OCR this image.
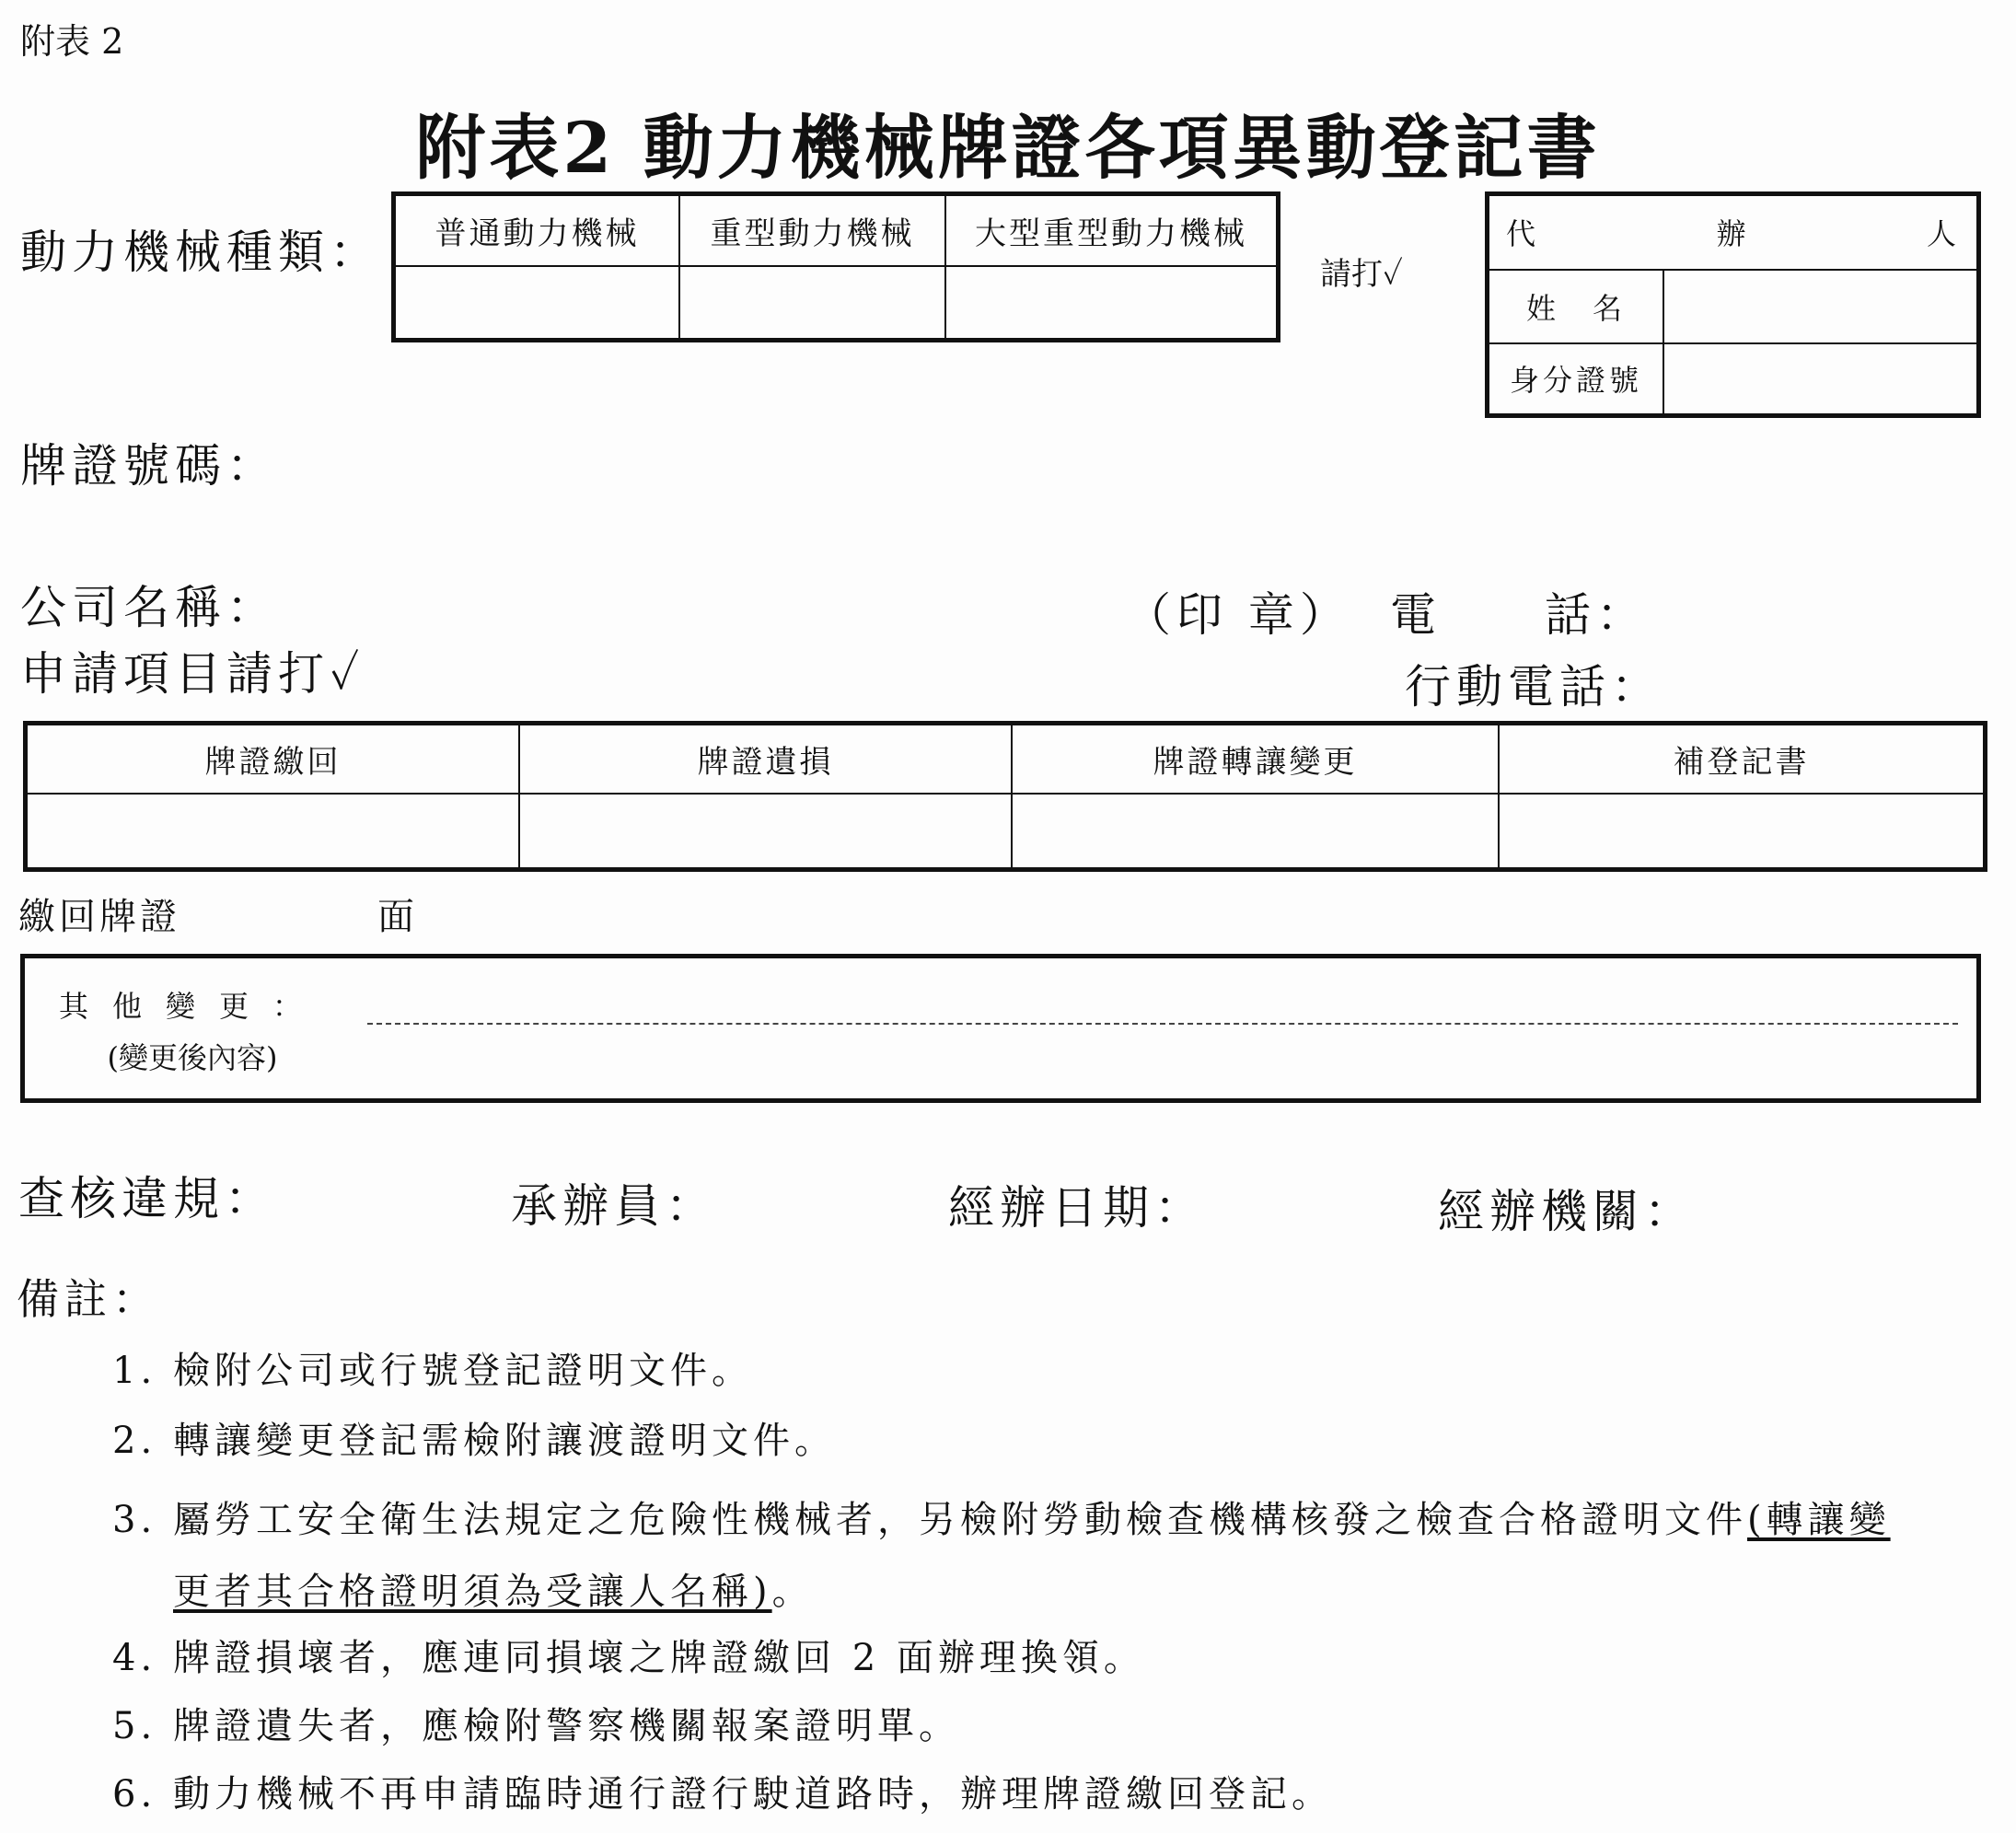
附表 2
附表2 動力機械牌證各項異動登記書
動力機械種類： 普通動力機械	重型動力機械	大型重型動力機械

請打✓
代 辦 人	

姓　名	
身分證號	
牌證號碼：
公司名稱：	（印 章） 電　　話：
申請項目請打✓	行動電話：
牌證繳回	牌證遺損	牌證轉讓變更	補登記書

繳回牌證	面
其他變更：
(變更後內容)
查核違規：	承辦員：	經辦日期：	經辦機關：
備註：
1. 檢附公司或行號登記證明文件。
2. 轉讓變更登記需檢附讓渡證明文件。
3. 屬勞工安全衛生法規定之危險性機械者，另檢附勞動檢查機構核發之檢查合格證明文件(轉讓變
更者其合格證明須為受讓人名稱)。
4. 牌證損壞者，應連同損壞之牌證繳回 2 面辦理換領。
5. 牌證遺失者，應檢附警察機關報案證明單。
6. 動力機械不再申請臨時通行證行駛道路時，辦理牌證繳回登記。
